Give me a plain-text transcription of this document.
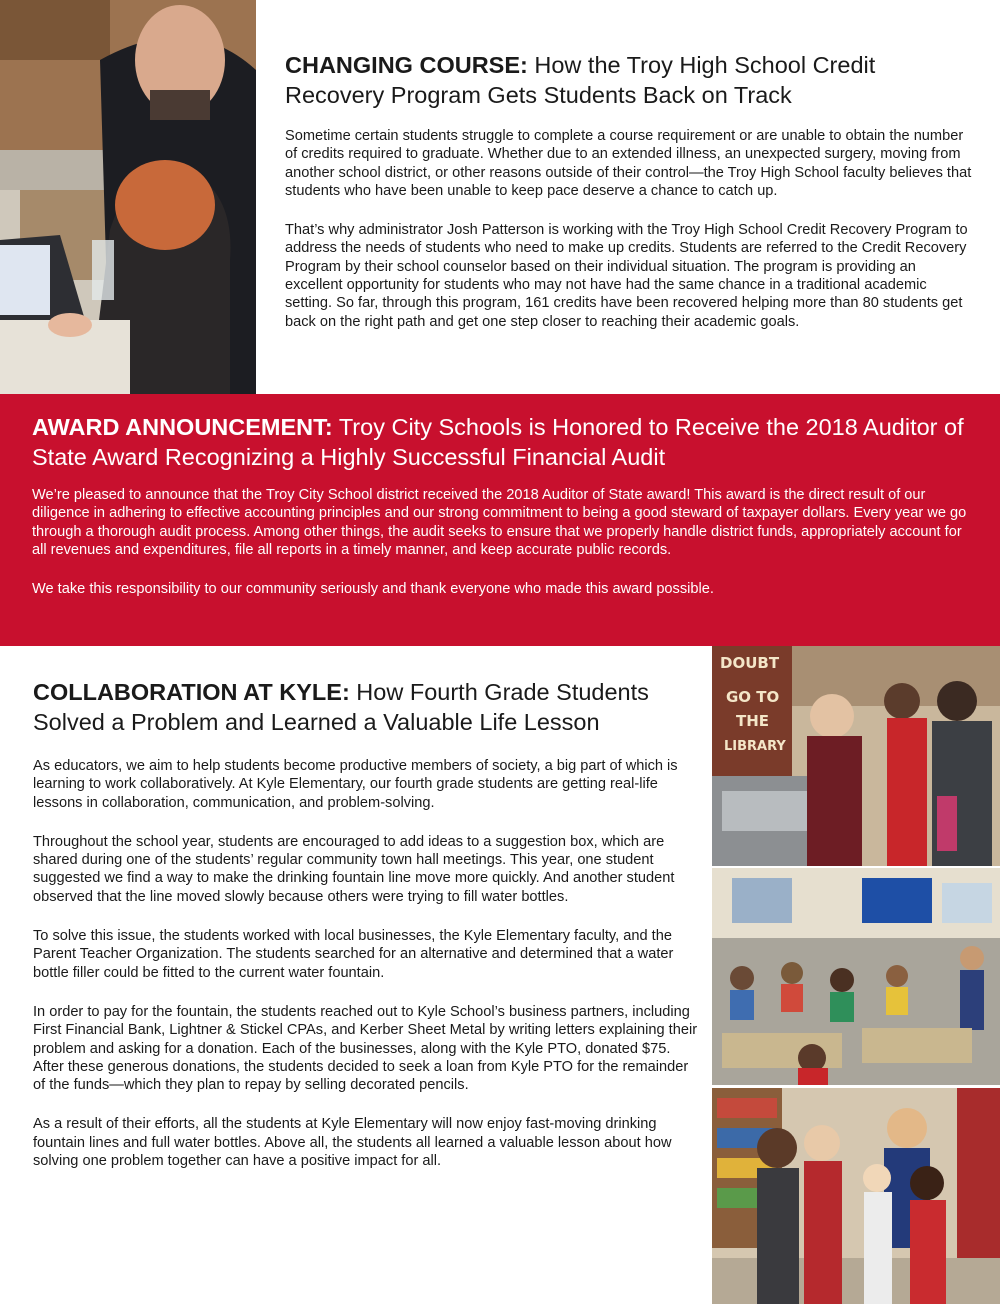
CHANGING COURSE: How the Troy High School Credit Recovery Program Gets Students Back on Track

Sometime certain students struggle to complete a course requirement or are unable to obtain the number of credits required to graduate. Whether due to an extended illness, an unexpected surgery, moving from another school district, or other reasons outside of their control—the Troy High School faculty believes that students who have been unable to keep pace deserve a chance to catch up.

That’s why administrator Josh Patterson is working with the Troy High School Credit Recovery Program to address the needs of students who need to make up credits. Students are referred to the Credit Recovery Program by their school counselor based on their individual situation. The program is providing an excellent opportunity for students who may not have had the same chance in a traditional academic setting. So far, through this program, 161 credits have been recovered helping more than 80 students get back on the right path and get one step closer to reaching their academic goals.

AWARD ANNOUNCEMENT: Troy City Schools is Honored to Receive the 2018 Auditor of State Award Recognizing a Highly Successful Financial Audit

We’re pleased to announce that the Troy City School district received the 2018 Auditor of State award! This award is the direct result of our diligence in adhering to effective accounting principles and our strong commitment to being a good steward of taxpayer dollars. Every year we go through a thorough audit process. Among other things, the audit seeks to ensure that we properly handle district funds, appropriately account for all revenues and expenditures, file all reports in a timely manner, and keep accurate public records.

We take this responsibility to our community seriously and thank everyone who made this award possible.

COLLABORATION AT KYLE: How Fourth Grade Students Solved a Problem and Learned a Valuable Life Lesson

As educators, we aim to help students become productive members of society, a big part of which is learning to work collaboratively. At Kyle Elementary, our fourth grade students are getting real-life lessons in collaboration, communication, and problem-solving.

Throughout the school year, students are encouraged to add ideas to a suggestion box, which are shared during one of the students’ regular community town hall meetings. This year, one student suggested we find a way to make the drinking fountain line move more quickly. And another student observed that the line moved slowly because others were trying to fill water bottles.

To solve this issue, the students worked with local businesses, the Kyle Elementary faculty, and the Parent Teacher Organization. The students searched for an alternative and determined that a water bottle filler could be fitted to the current water fountain.

In order to pay for the fountain, the students reached out to Kyle School’s business partners, including First Financial Bank, Lightner & Stickel CPAs, and Kerber Sheet Metal by writing letters explaining their problem and asking for a donation. Each of the businesses, along with the Kyle PTO, donated $75. After these generous donations, the students decided to seek a loan from Kyle PTO for the remainder of the funds—which they plan to repay by selling decorated pencils.

As a result of their efforts, all the students at Kyle Elementary will now enjoy fast-moving drinking fountain lines and full water bottles. Above all, the students all learned a valuable lesson about how solving one problem together can have a positive impact for all.

DOUBT
GO TO
THE
LIBRARY
